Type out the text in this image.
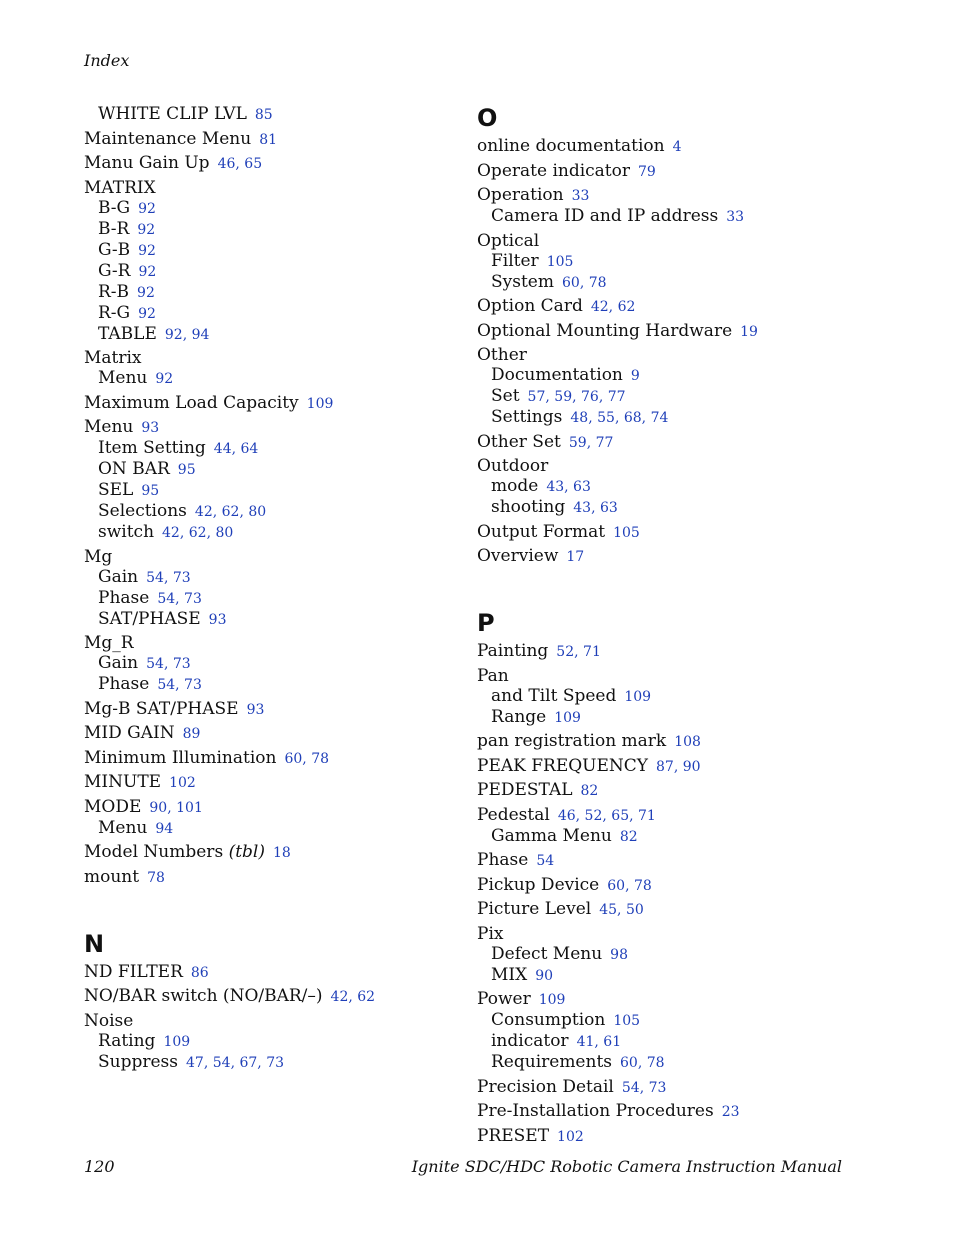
Index
WHITE CLIP LVL 85
Maintenance Menu 81
Manu Gain Up 46, 65
MATRIX
B-G 92
B-R 92
G-B 92
G-R 92
R-B 92
R-G 92
TABLE 92, 94
Matrix
Menu 92
Maximum Load Capacity 109
Menu 93
Item Setting 44, 64
ON BAR 95
SEL 95
Selections 42, 62, 80
switch 42, 62, 80
Mg
Gain 54, 73
Phase 54, 73
SAT/PHASE 93
Mg_R
Gain 54, 73
Phase 54, 73
Mg-B SAT/PHASE 93
MID GAIN 89
Minimum Illumination 60, 78
MINUTE 102
MODE 90, 101
Menu 94
Model Numbers (tbl) 18
mount 78
N
ND FILTER 86
NO/BAR switch (NO/BAR/–) 42, 62
Noise
Rating 109
Suppress 47, 54, 67, 73
O
online documentation 4
Operate indicator 79
Operation 33
Camera ID and IP address 33
Optical
Filter 105
System 60, 78
Option Card 42, 62
Optional Mounting Hardware 19
Other
Documentation 9
Set 57, 59, 76, 77
Settings 48, 55, 68, 74
Other Set 59, 77
Outdoor
mode 43, 63
shooting 43, 63
Output Format 105
Overview 17
P
Painting 52, 71
Pan
and Tilt Speed 109
Range 109
pan registration mark 108
PEAK FREQUENCY 87, 90
PEDESTAL 82
Pedestal 46, 52, 65, 71
Gamma Menu 82
Phase 54
Pickup Device 60, 78
Picture Level 45, 50
Pix
Defect Menu 98
MIX 90
Power 109
Consumption 105
indicator 41, 61
Requirements 60, 78
Precision Detail 54, 73
Pre-Installation Procedures 23
PRESET 102
120	Ignite SDC/HDC Robotic Camera Instruction Manual
